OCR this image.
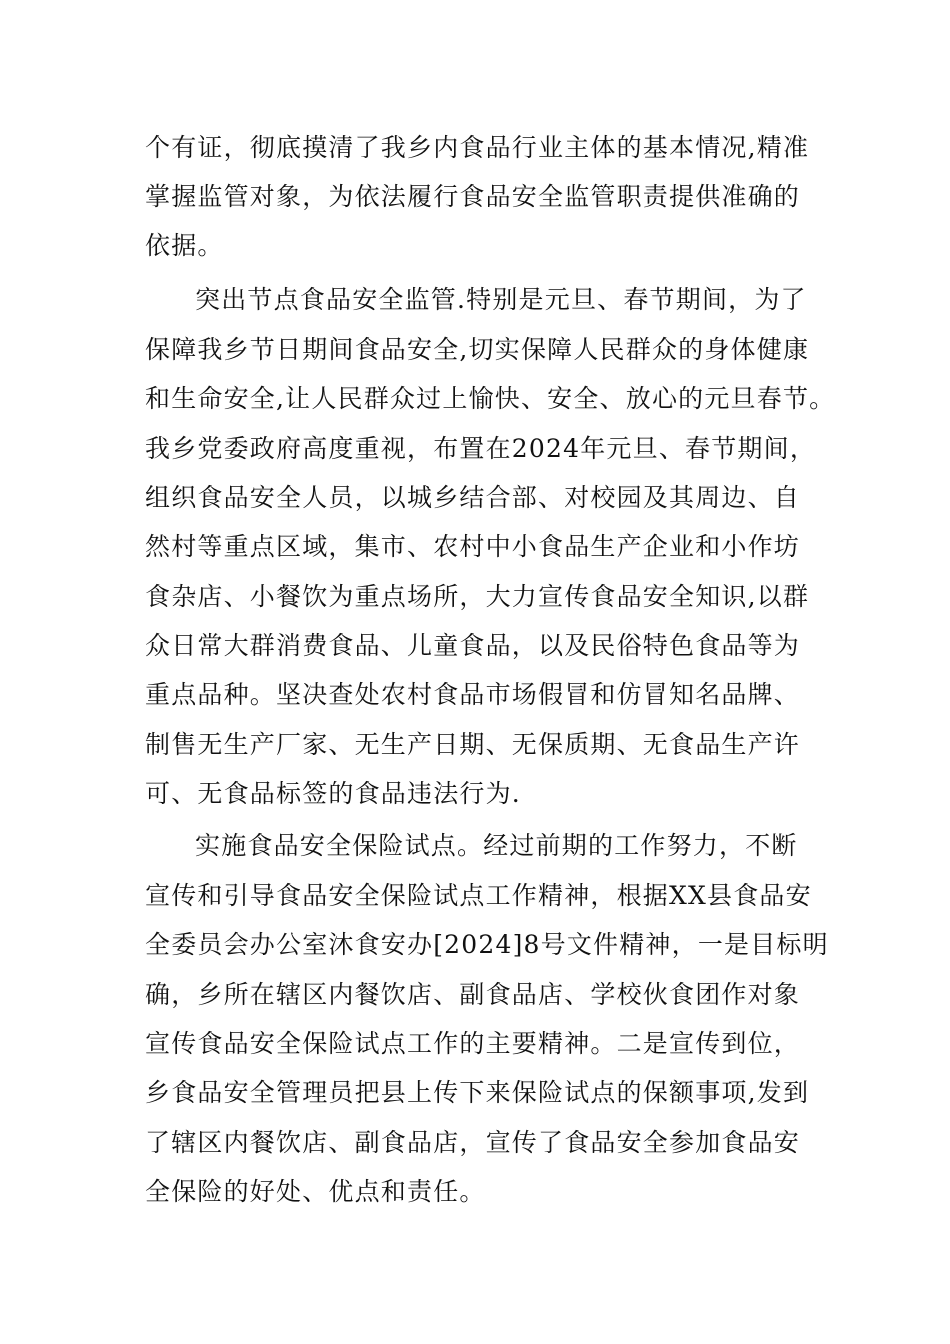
个有证，彻底摸清了我乡内食品行业主体的基本情况,精准
掌握监管对象，为依法履行食品安全监管职责提供准确的
依据。
突出节点食品安全监管.特别是元旦、春节期间，为了
保障我乡节日期间食品安全,切实保障人民群众的身体健康
和生命安全,让人民群众过上愉快、安全、放心的元旦春节。
我乡党委政府高度重视，布置在2024年元旦、春节期间，
组织食品安全人员，以城乡结合部、对校园及其周边、自
然村等重点区域，集市、农村中小食品生产企业和小作坊
食杂店、小餐饮为重点场所，大力宣传食品安全知识,以群
众日常大群消费食品、儿童食品，以及民俗特色食品等为
重点品种。坚决查处农村食品市场假冒和仿冒知名品牌、
制售无生产厂家、无生产日期、无保质期、无食品生产许
可、无食品标签的食品违法行为.
实施食品安全保险试点。经过前期的工作努力，不断
宣传和引导食品安全保险试点工作精神，根据XX县食品安
全委员会办公室沐食安办[2024]8号文件精神，一是目标明
确，乡所在辖区内餐饮店、副食品店、学校伙食团作对象
宣传食品安全保险试点工作的主要精神。二是宣传到位，
乡食品安全管理员把县上传下来保险试点的保额事项,发到
了辖区内餐饮店、副食品店，宣传了食品安全参加食品安
全保险的好处、优点和责任。
